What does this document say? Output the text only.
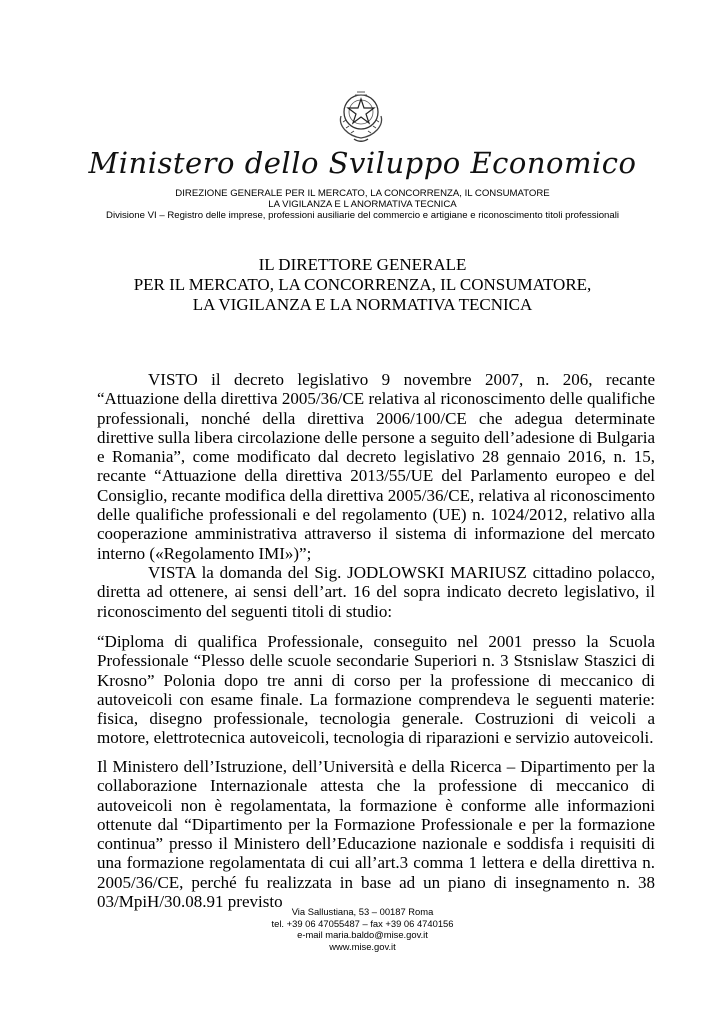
Ministero dello Sviluppo Economico
DIREZIONE GENERALE PER IL MERCATO, LA CONCORRENZA, IL CONSUMATORE
LA VIGILANZA E L ANORMATIVA TECNICA
Divisione VI – Registro delle imprese, professioni ausiliarie del commercio e artigiane e riconoscimento titoli professionali
IL DIRETTORE GENERALE
PER IL MERCATO, LA CONCORRENZA, IL CONSUMATORE,
LA VIGILANZA E LA NORMATIVA TECNICA

VISTO il decreto legislativo 9 novembre 2007, n. 206, recante “Attuazione della direttiva 2005/36/CE relativa al riconoscimento delle qualifiche professionali, nonché della direttiva 2006/100/CE che adegua determinate direttive sulla libera circolazione delle persone a seguito dell’adesione di Bulgaria e Romania”, come modificato dal decreto legislativo 28 gennaio 2016, n. 15, recante “Attuazione della direttiva 2013/55/UE del Parlamento europeo e del Consiglio, recante modifica della direttiva 2005/36/CE, relativa al riconoscimento delle qualifiche professionali e del regolamento (UE) n. 1024/2012, relativo alla cooperazione amministrativa attraverso il sistema di informazione del mercato interno («Regolamento IMI»)”;

VISTA la domanda del Sig. JODLOWSKI MARIUSZ cittadino polacco, diretta ad ottenere, ai sensi dell’art. 16 del sopra indicato decreto legislativo, il riconoscimento del seguenti titoli di studio:

“Diploma di qualifica Professionale, conseguito nel 2001 presso la Scuola Professionale “Plesso delle scuole secondarie Superiori n. 3 Stsnislaw Staszici di Krosno” Polonia dopo tre anni di corso per la professione di meccanico di autoveicoli con esame finale. La formazione comprendeva le seguenti materie: fisica, disegno professionale, tecnologia generale. Costruzioni di veicoli a motore, elettrotecnica autoveicoli, tecnologia di riparazioni e servizio autoveicoli.

Il Ministero dell’Istruzione, dell’Università e della Ricerca – Dipartimento per la collaborazione Internazionale attesta che la professione di meccanico di autoveicoli non è regolamentata, la formazione è conforme alle informazioni ottenute dal “Dipartimento per la Formazione Professionale e per la formazione continua” presso il Ministero dell’Educazione nazionale e soddisfa i requisiti di una formazione regolamentata di cui all’art.3 comma 1 lettera e della direttiva n. 2005/36/CE, perché fu realizzata in base ad un piano di insegnamento n. 38 03/MpiH/30.08.91 previsto

Via Sallustiana, 53 – 00187 Roma
tel. +39 06 47055487 – fax +39 06 4740156
e-mail maria.baldo@mise.gov.it
www.mise.gov.it
